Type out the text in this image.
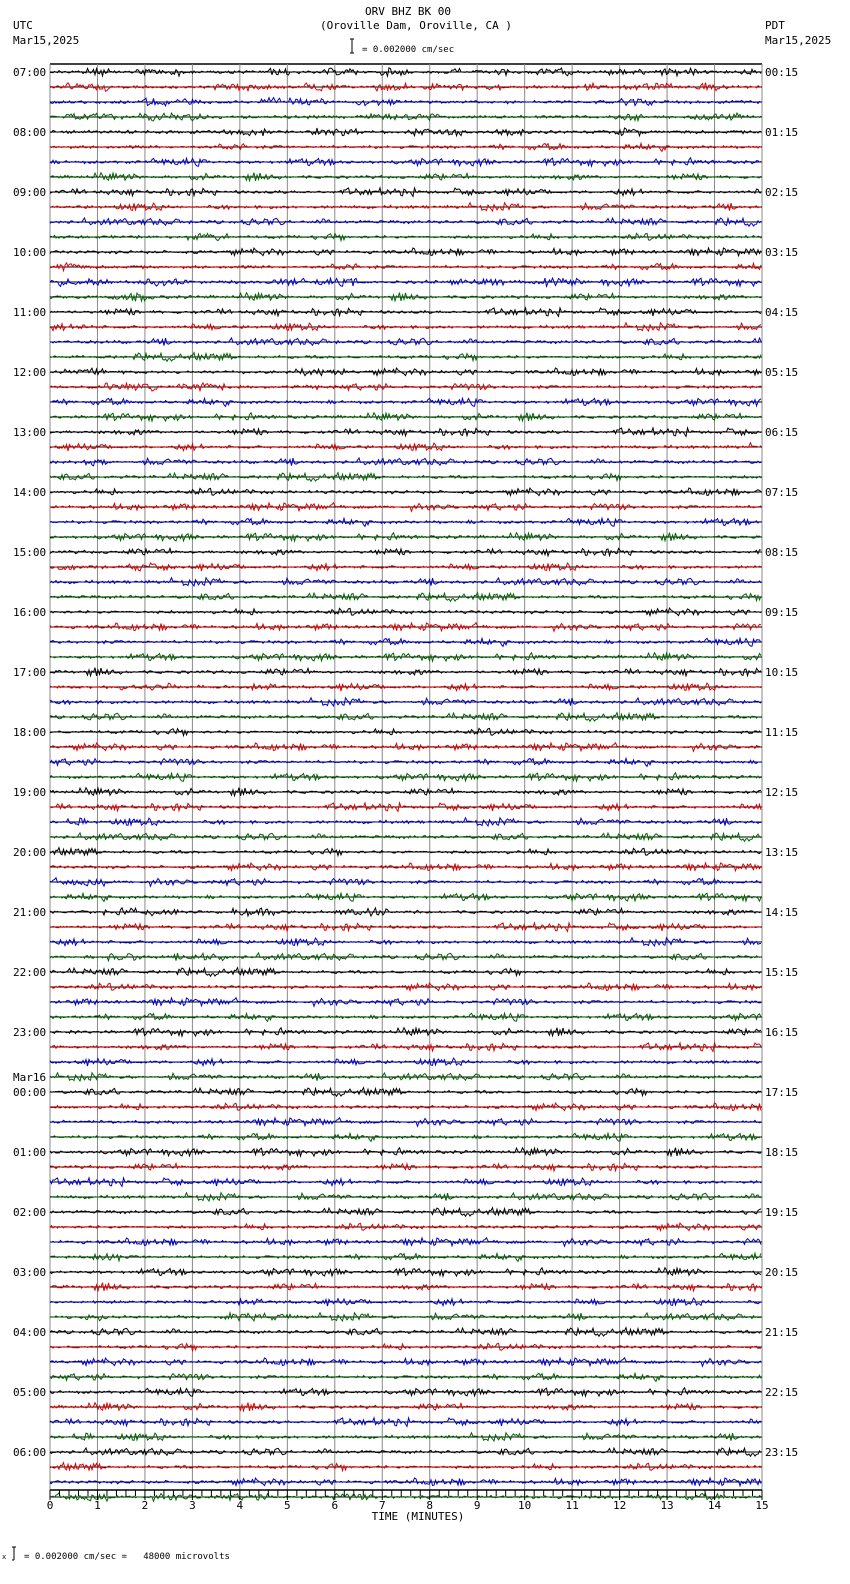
ORV BHZ BK 00
(Oroville Dam, Oroville, CA )
UTC
Mar15,2025
PDT
Mar15,2025
= 0.002000 cm/sec
07:00
08:00
09:00
10:00
11:00
12:00
13:00
14:00
15:00
16:00
17:00
18:00
19:00
20:00
21:00
22:00
23:00
00:00
Mar16
01:00
02:00
03:00
04:00
05:00
06:00
00:15
01:15
02:15
03:15
04:15
05:15
06:15
07:15
08:15
09:15
10:15
11:15
12:15
13:15
14:15
15:15
16:15
17:15
18:15
19:15
20:15
21:15
22:15
23:15
0	1	2	3	4	5	6	7	8	9	10	11	12	13	14	15
TIME (MINUTES)
x = 0.002000 cm/sec =   48000 microvolts
